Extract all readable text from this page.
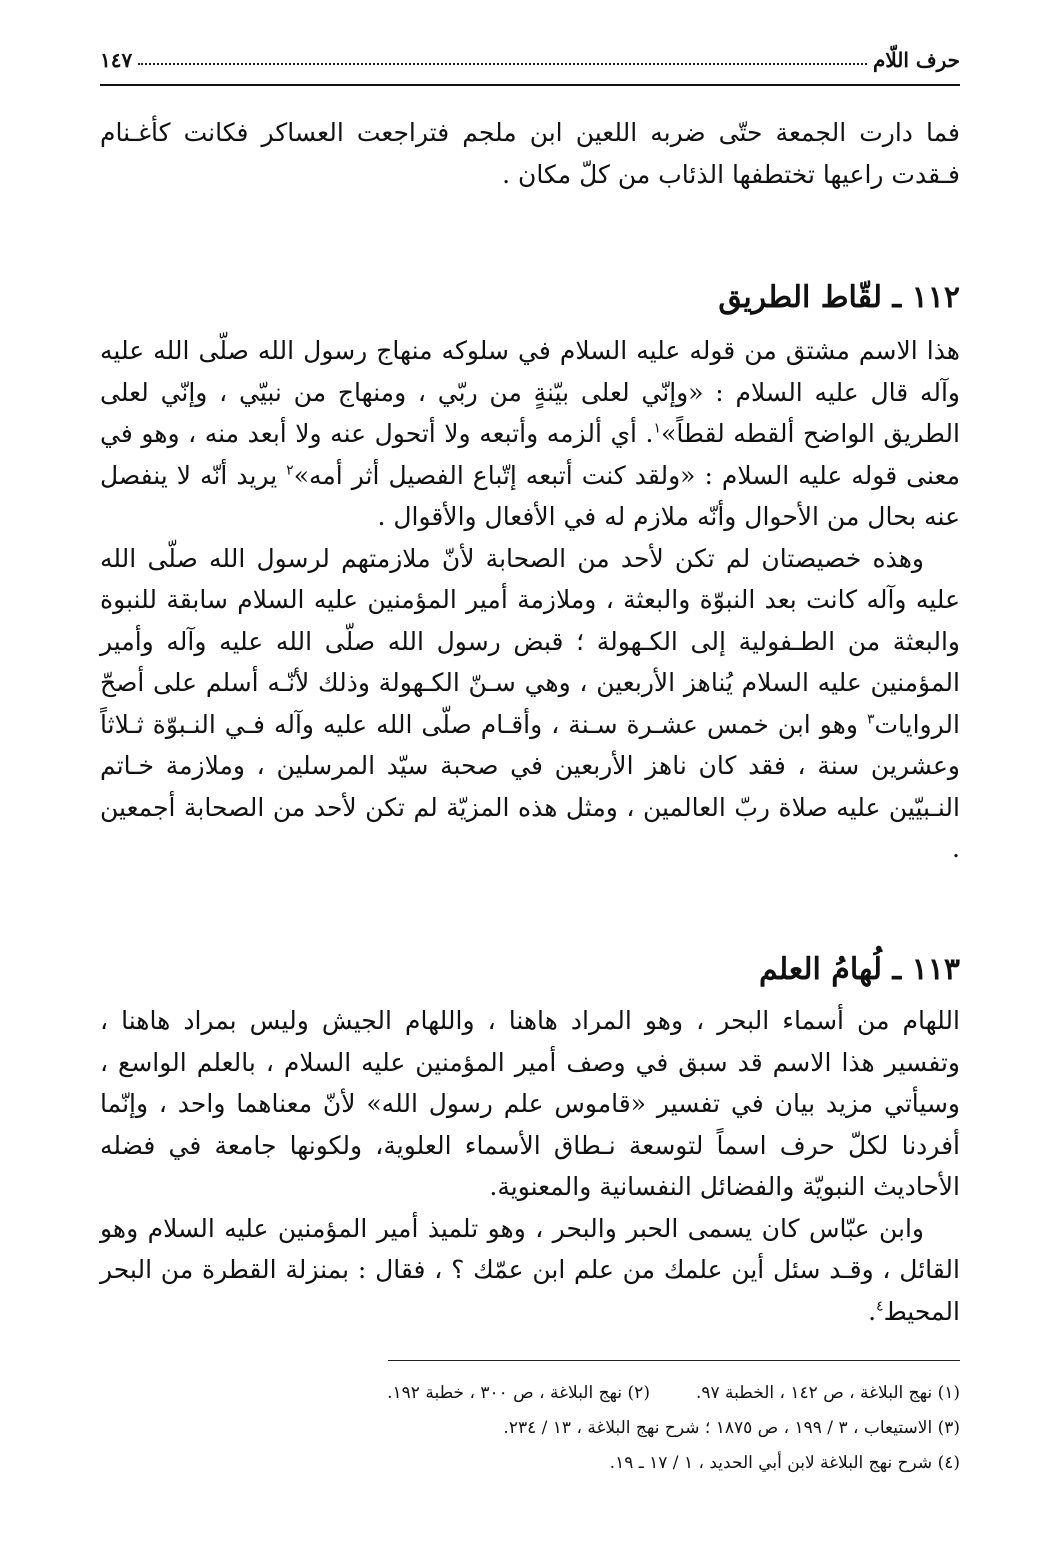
حرف اللّام
١٤٧

فما دارت الجمعة حتّى ضربه اللعين ابن ملجم فتراجعت العساكر فكانت كأغـنام فـقدت راعيها تختطفها الذئاب من كلّ مكان .

١١٢ ـ لقّاط الطريق

هذا الاسم مشتق من قوله عليه السلام في سلوكه منهاج رسول الله صلّى الله عليه وآله قال عليه السلام : «وإنّي لعلى بيّنةٍ من ربّي ، ومنهاج من نبيّي ، وإنّي لعلى الطريق الواضح ألقطه لقطاً»$^١$. أي ألزمه وأتبعه ولا أتحول عنه ولا أبعد منه ، وهو في معنى قوله عليه السلام : «ولقد كنت أتبعه إتّباع الفصيل أثر أمه»$^٢$ يريد أنّه لا ينفصل عنه بحال من الأحوال وأنّه ملازم له في الأفعال والأقوال .

وهذه خصيصتان لم تكن لأحد من الصحابة لأنّ ملازمتهم لرسول الله صلّى الله عليه وآله كانت بعد النبوّة والبعثة ، وملازمة أمير المؤمنين عليه السلام سابقة للنبوة والبعثة من الطـفولية إلى الكـهولة ؛ قبض رسول الله صلّى الله عليه وآله وأمير المؤمنين عليه السلام يُناهز الأربعين ، وهي سـنّ الكـهولة وذلك لأنّـه أسلم على أصحّ الروايات$^٣$ وهو ابن خمس عشـرة سـنة ، وأقـام صلّى الله عليه وآله فـي النـبوّة ثـلاثاً وعشرين سنة ، فقد كان ناهز الأربعين في صحبة سيّد المرسلين ، وملازمة خـاتم النـبيّين عليه صلاة ربّ العالمين ، ومثل هذه المزيّة لم تكن لأحد من الصحابة أجمعين .

١١٣ ـ لُهامُ العلم

اللهام من أسماء البحر ، وهو المراد هاهنا ، واللهام الجيش وليس بمراد هاهنا ، وتفسير هذا الاسم قد سبق في وصف أمير المؤمنين عليه السلام ، بالعلم الواسع ، وسيأتي مزيد بيان في تفسير «قاموس علم رسول الله» لأنّ معناهما واحد ، وإنّما أفردنا لكلّ حرف اسماً لتوسعة نـطاق الأسماء العلوية، ولكونها جامعة في فضله الأحاديث النبويّة والفضائل النفسانية والمعنوية.

وابن عبّاس كان يسمى الحبر والبحر ، وهو تلميذ أمير المؤمنين عليه السلام وهو القائل ، وقـد سئل أين علمك من علم ابن عمّك ؟ ، فقال : بمنزلة القطرة من البحر المحيط$^٤$.

(١) نهج البلاغة ، ص ١٤٢ ، الخطبة ٩٧.
(٢) نهج البلاغة ، ص ٣٠٠ ، خطبة ١٩٢.
(٣) الاستيعاب ، ٣ / ١٩٩ ، ص ١٨٧٥ ؛ شرح نهج البلاغة ، ١٣ / ٢٣٤.
(٤) شرح نهج البلاغة لابن أبي الحديد ، ١ / ١٧ ـ ١٩.
